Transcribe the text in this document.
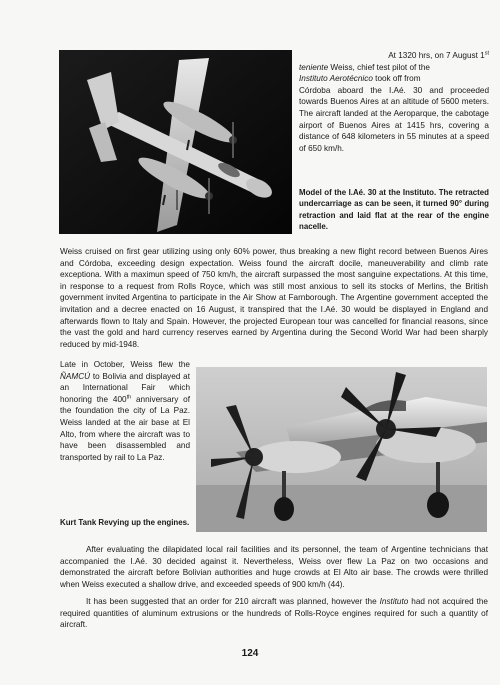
At 1320 hrs, on 7 August 1st
teniente Weiss, chief test pilot of the
Instituto Aerotécnico took off from
Córdoba aboard the I.Aé. 30 and proceeded towards Buenos Aires at an altitude of 5600 meters. The aircraft landed at the Aeroparque, the cabotage airport of Buenos Aires at 1415 hrs, covering a distance of 648 kilometers in 55 minutes at a speed of 650 km/h.
Model of the I.Aé. 30 at the Instituto. The retracted undercarriage as can be seen, it turned 90° during retraction and laid flat at the rear of the engine nacelle.
Weiss cruised on first gear utilizing using only 60% power, thus breaking a new flight record between Buenos Aires and Córdoba, exceeding design expectation. Weiss found the aircraft docile, maneuverability and climb rate exceptiona. With a maximun speed of 750 km/h, the aircraft surpassed the most sanguine expectations. At this time, in response to a request from Rolls Royce, which was still most anxious to sell its stocks of Merlins, the British government invited Argentina to participate in the Air Show at Farnborough. The Argentine government accepted the invitation and a decree enacted on 16 August, it transpired that the I.Aé. 30 would be displayed in England and afterwards flown to Italy and Spain. However, the projected European tour was cancelled for financial reasons, since the vast the gold and hard currency reserves earned by Argentina during the Second World War had been sharply reduced by mid-1948.
Late in October, Weiss flew the ÑAMCÚ to Bolivia and displayed at an International Fair which honoring the 400th anniversary of the foundation the city of La Paz. Weiss landed at the air base at El Alto, from where the aircraft was to have been disassembled and transported by rail to La Paz.
Kurt Tank Revying up the engines.
After evaluating the dilapidated local rail facilities and its personnel, the team of Argentine technicians that accompanied the I.Aé. 30 decided against it. Nevertheless, Weiss over flew La Paz on two occasions and demonstrated the aircraft before Bolivian authorities and huge crowds at El Alto air base. The crowds were thrilled when Weiss executed a shallow drive, and exceeded speeds of 900 km/h (44).
It has been suggested that an order for 210 aircraft was planned, however the Instituto had not acquired the required quantities of aluminum extrusions or the hundreds of Rolls-Royce engines required for such a quantity of aircraft.
124
